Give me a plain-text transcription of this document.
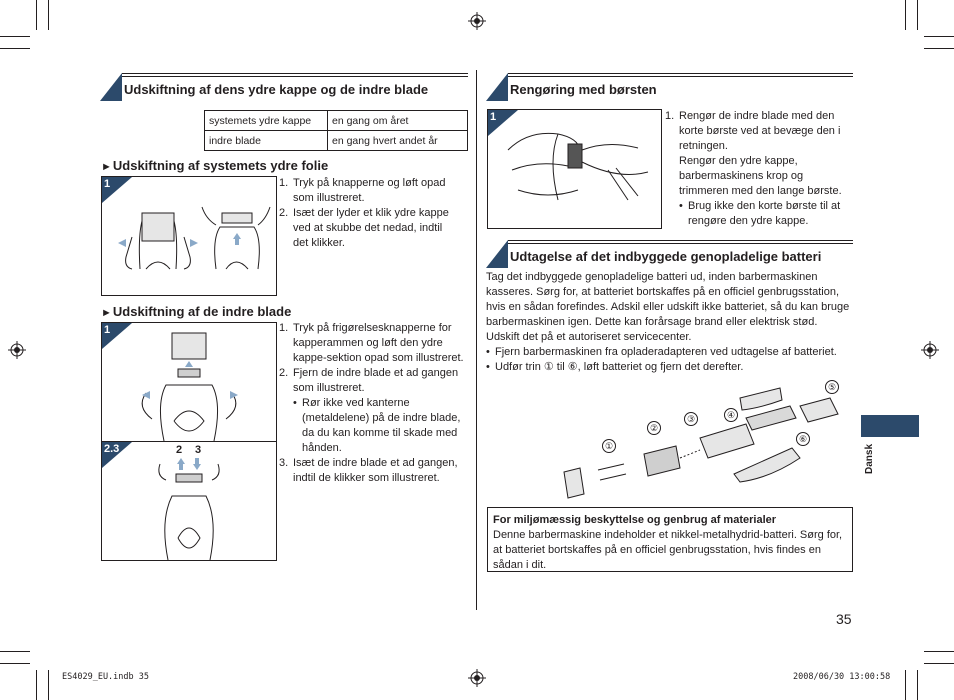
Udskiftning af dens ydre kappe og de indre blade
systemets ydre kappe	en gang om året
indre blade	en gang hvert andet år
►Udskiftning af systemets ydre folie
1	1. Tryk på knapperne og løft opad som illustreret.
2. Isæt der lyder et klik ydre kappe ved at skubbe det nedad, indtil det klikker.
►Udskiftning af de indre blade
1
2.3	2 3
1. Tryk på frigørelsesknapperne for kapperammen og løft den ydre kappe-sektion opad som illustreret.
2. Fjern de indre blade et ad gangen som illustreret.
• Rør ikke ved kanterne (metaldelene) på de indre blade, da du kan komme til skade med hånden.
3. Isæt de indre blade et ad gangen, indtil de klikker som illustreret.
Rengøring med børsten
1	1. Rengør de indre blade med den korte børste ved at bevæge den i retningen.
Rengør den ydre kappe, barbermaskinens krop og trimmeren med den lange børste.
• Brug ikke den korte børste til at rengøre den ydre kappe.
Udtagelse af det indbyggede genopladelige batteri
Tag det indbyggede genopladelige batteri ud, inden barbermaskinen kasseres. Sørg for, at batteriet bortskaffes på en officiel genbrugsstation, hvis en sådan forefindes. Adskil eller udskift ikke batteriet, så du kan bruge barbermaskinen igen. Dette kan forårsage brand eller elektrisk stød. Udskift det på et autoriseret servicecenter.
• Fjern barbermaskinen fra opladeradapteren ved udtagelse af batteriet.
• Udfør trin ① til ⑥, løft batteriet og fjern det derefter.
①
②
③	④
⑤
⑥
For miljømæssig beskyttelse og genbrug af materialer
Denne barbermaskine indeholder et nikkel-metalhydrid-batteri. Sørg for, at batteriet bortskaffes på en officiel genbrugsstation, hvis findes en sådan i dit.
Dansk
35
ES4029_EU.indb 35	2008/06/30 13:00:58
